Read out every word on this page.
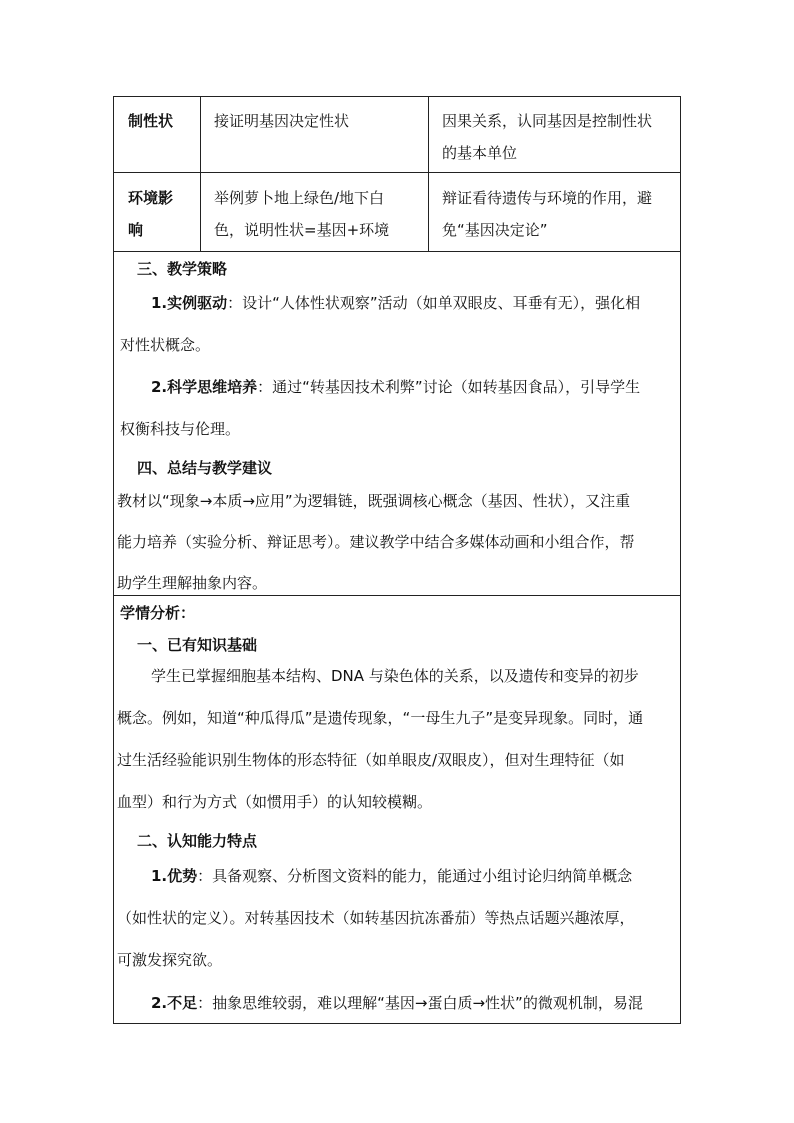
制性状	接证明基因决定性状	因果关系，认同基因是控制性状
的基本单位
环境影
响
举例萝卜地上绿色/地下白
色，说明性状=基因+环境
辩证看待遗传与环境的作用，避
免“基因决定论”
三、教学策略
1.实例驱动：设计“人体性状观察”活动（如单双眼皮、耳垂有无），强化相
对性状概念。
2.科学思维培养：通过“转基因技术利弊”讨论（如转基因食品），引导学生
权衡科技与伦理。
四、总结与教学建议
教材以“现象→本质→应用”为逻辑链，既强调核心概念（基因、性状），又注重
能力培养（实验分析、辩证思考）。建议教学中结合多媒体动画和小组合作，帮
助学生理解抽象内容。
学情分析：
一、已有知识基础
学生已掌握细胞基本结构、DNA 与染色体的关系，以及遗传和变异的初步
概念。例如，知道“种瓜得瓜”是遗传现象，“一母生九子”是变异现象。同时，通
过生活经验能识别生物体的形态特征（如单眼皮/双眼皮），但对生理特征（如
血型）和行为方式（如惯用手）的认知较模糊。
二、认知能力特点
1.优势：具备观察、分析图文资料的能力，能通过小组讨论归纳简单概念
（如性状的定义）。对转基因技术（如转基因抗冻番茄）等热点话题兴趣浓厚，
可激发探究欲。
2.不足：抽象思维较弱，难以理解“基因→蛋白质→性状”的微观机制，易混
